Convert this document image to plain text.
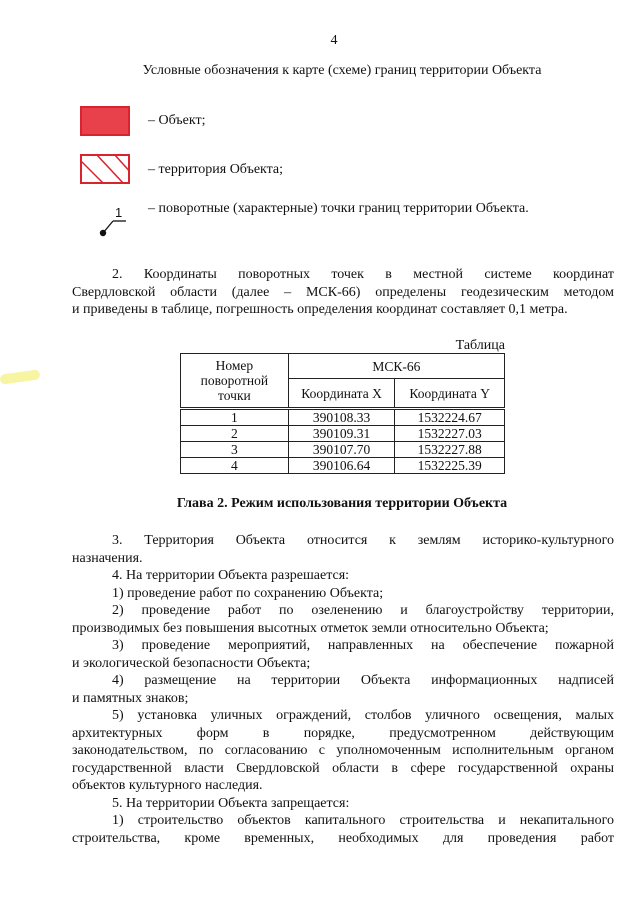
4
Условные обозначения к карте (схеме) границ территории Объекта
– Объект;
– территория Объекта;
1 – поворотные (характерные) точки границ территории Объекта.
2. Координаты поворотных точек в местной системе координат
Свердловской области (далее – МСК-66) определены геодезическим методом
и приведены в таблице, погрешность определения координат составляет 0,1 метра.
Таблица
Номер поворотной точки	МСК-66	
	Координата X	Координата Y
1	390108.33	1532224.67
2	390109.31	1532227.03
3	390107.70	1532227.88
4	390106.64	1532225.39
Глава 2. Режим использования территории Объекта
3. Территория Объекта относится к землям историко-культурного
назначения.
4. На территории Объекта разрешается:
1) проведение работ по сохранению Объекта;
2) проведение работ по озеленению и благоустройству территории,
производимых без повышения высотных отметок земли относительно Объекта;
3) проведение мероприятий, направленных на обеспечение пожарной
и экологической безопасности Объекта;
4) размещение на территории Объекта информационных надписей
и памятных знаков;
5) установка уличных ограждений, столбов уличного освещения, малых
архитектурных форм в порядке, предусмотренном действующим
законодательством, по согласованию с уполномоченным исполнительным органом
государственной власти Свердловской области в сфере государственной охраны
объектов культурного наследия.
5. На территории Объекта запрещается:
1) строительство объектов капитального строительства и некапитального
строительства, кроме временных, необходимых для проведения работ
